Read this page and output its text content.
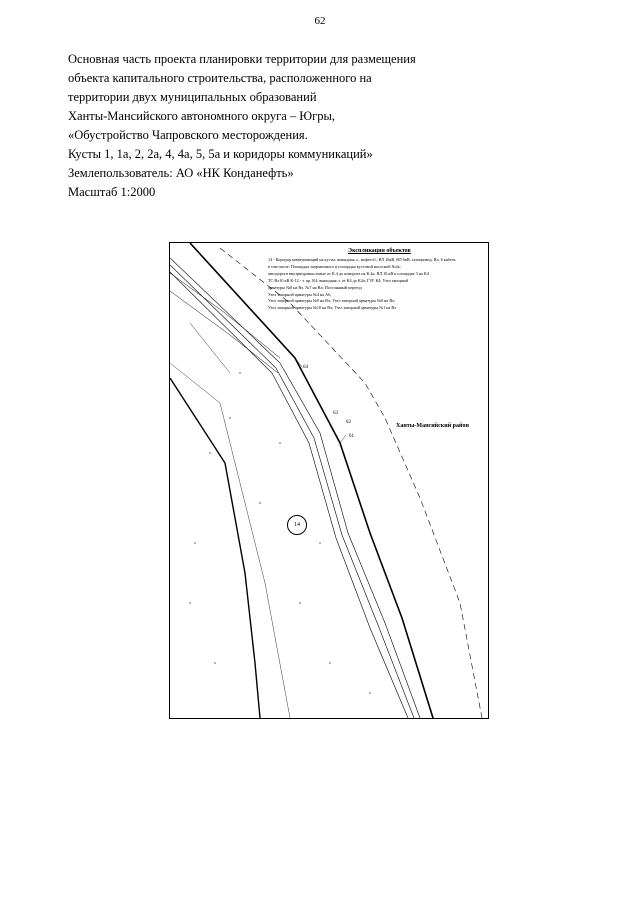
62
Основная часть проекта планировки территории для размещения
объекта капитального строительства, расположенного на
территории двух муниципальных образований
Ханты-Мансийского автономного округа – Югры,
«Обустройство Чапровского месторождения.
Кусты 1, 1а, 2, 2а, 4, 4а, 5, 5а и коридоры коммуникаций»
Землепользователь: АО «НК Конданефть»
Масштаб 1:2000
Экспликация объектов
14 - Коридор коммуникаций на кусты: выкидная л., нефтесб., ВЛ 10кВ, ВЛ 6кВ, газопровод, Вл, 6 кабель
в том числе: Площадка заправочного и площадка кустовой насосной №4а;
автодороги внутрипромысловые от К.4 до поворота на К.4а; ВЛ 10 кВ к площадке 3 на К4
ТС Вл10 кВ К-12 - т. пр. К4; выкидная л. от К4 до К4а; ГЗУ К4; Узел запорной
арматуры №8 на Вл. №7 на Вл; Постоянный переезд
Узел запорной арматуры №4 на Аб;
Узел запорной арматуры №9 на Вл; Узел запорной арматуры №8 на Вл;
Узел запорной арматуры №10 на Вл; Узел запорной арматуры №1 на Вл
Ханты-Мансийский район
64
63
62
61
14
